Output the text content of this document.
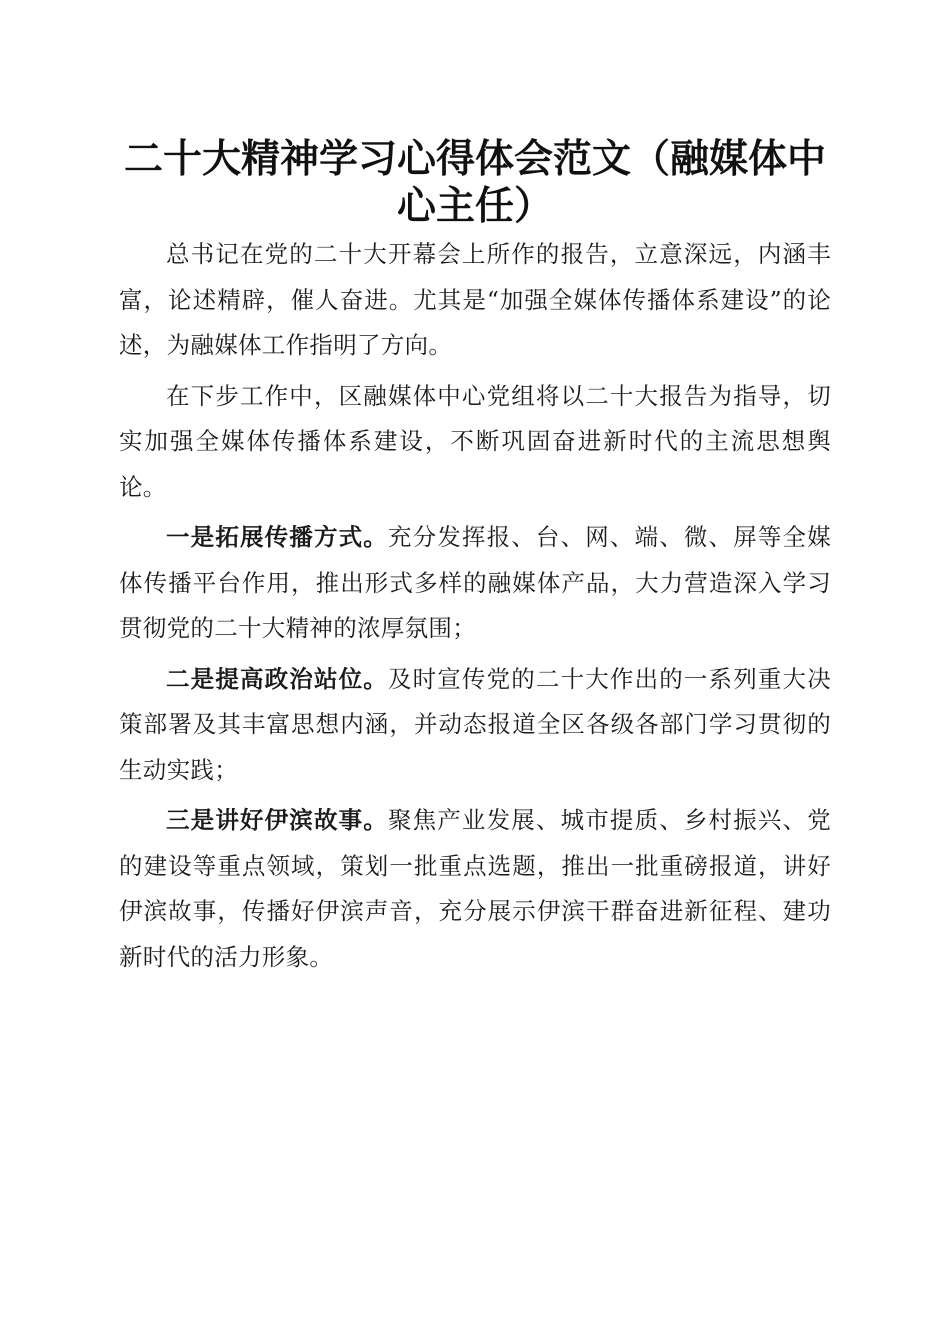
二十大精神学习心得体会范文（融媒体中心主任）

总书记在党的二十大开幕会上所作的报告，立意深远，内涵丰富，论述精辟，催人奋进。尤其是“加强全媒体传播体系建设”的论述，为融媒体工作指明了方向。

在下步工作中，区融媒体中心党组将以二十大报告为指导，切实加强全媒体传播体系建设，不断巩固奋进新时代的主流思想舆论。

一是拓展传播方式。充分发挥报、台、网、端、微、屏等全媒体传播平台作用，推出形式多样的融媒体产品，大力营造深入学习贯彻党的二十大精神的浓厚氛围；

二是提高政治站位。及时宣传党的二十大作出的一系列重大决策部署及其丰富思想内涵，并动态报道全区各级各部门学习贯彻的生动实践；

三是讲好伊滨故事。聚焦产业发展、城市提质、乡村振兴、党的建设等重点领域，策划一批重点选题，推出一批重磅报道，讲好伊滨故事，传播好伊滨声音，充分展示伊滨干群奋进新征程、建功新时代的活力形象。
